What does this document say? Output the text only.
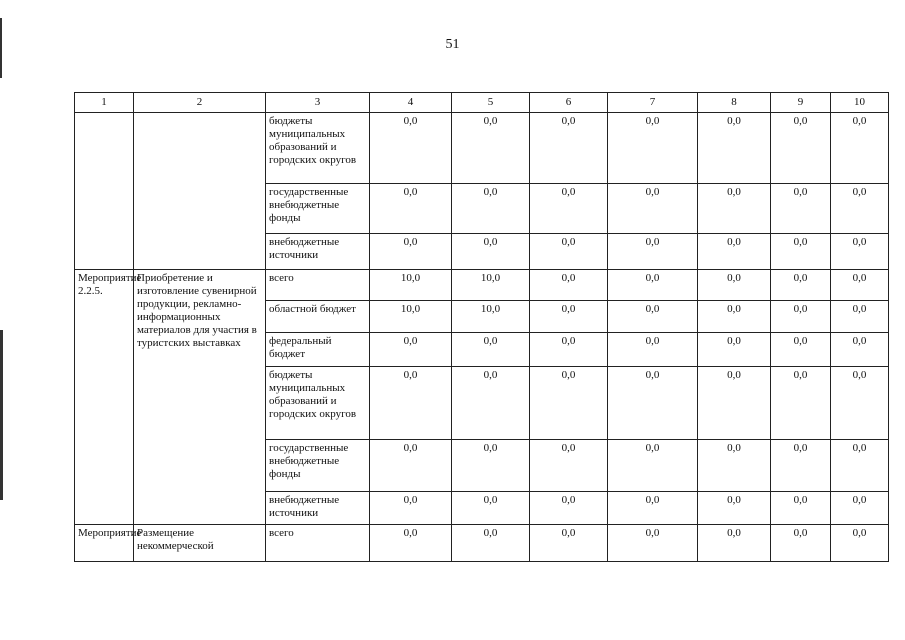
51
1	2	3	4	5	6	7	8	9	10
		бюджеты муниципальных образований и городских округов	0,0	0,0	0,0	0,0	0,0	0,0	0,0
		государственные внебюджетные фонды	0,0	0,0	0,0	0,0	0,0	0,0	0,0
		внебюджетные источники	0,0	0,0	0,0	0,0	0,0	0,0	0,0
Мероприятие 2.2.5.	Приобретение и изготовление сувенирной продукции, рекламно-информационных материалов для участия в туристских выставках	всего	10,0	10,0	0,0	0,0	0,0	0,0	0,0
		областной бюджет	10,0	10,0	0,0	0,0	0,0	0,0	0,0
		федеральный бюджет	0,0	0,0	0,0	0,0	0,0	0,0	0,0
		бюджеты муниципальных образований и городских округов	0,0	0,0	0,0	0,0	0,0	0,0	0,0
		государственные внебюджетные фонды	0,0	0,0	0,0	0,0	0,0	0,0	0,0
		внебюджетные источники	0,0	0,0	0,0	0,0	0,0	0,0	0,0
Мероприятие	Размещение некоммерческой	всего	0,0	0,0	0,0	0,0	0,0	0,0	0,0
